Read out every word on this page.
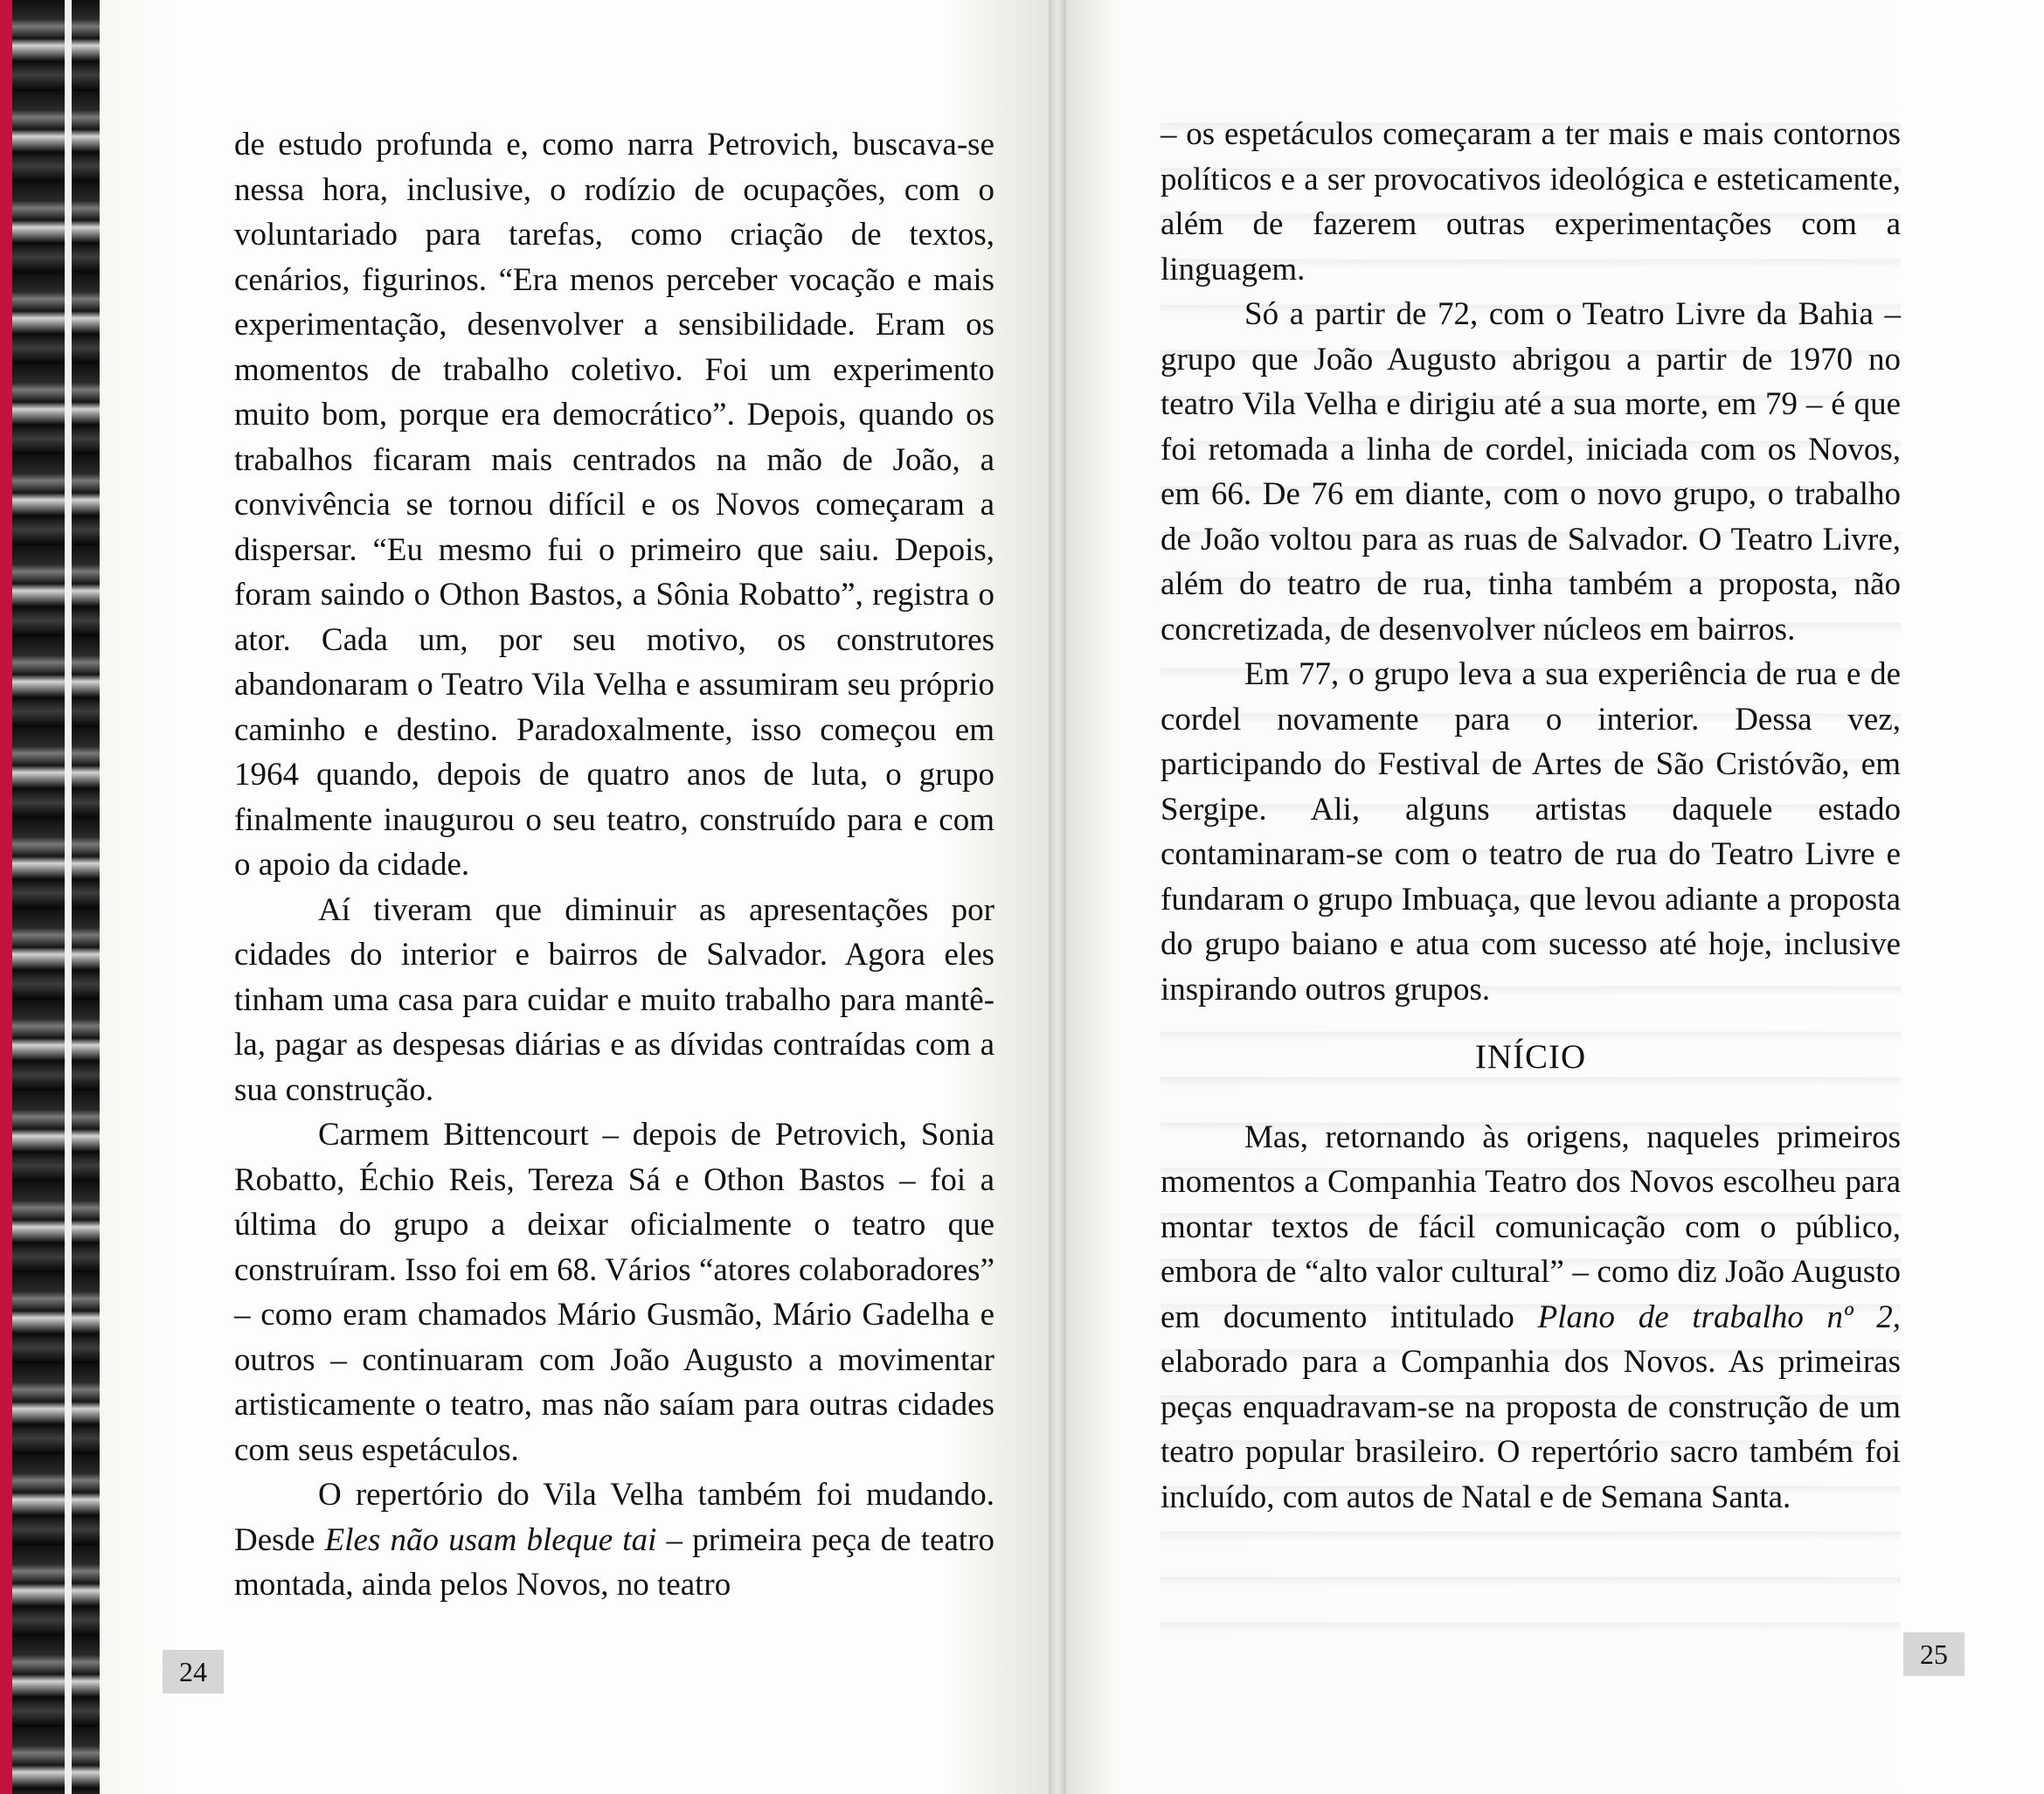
de estudo profunda e, como narra Petrovich, buscava-se nessa hora, inclusive, o rodízio de ocupações, com o voluntariado para tarefas, como criação de textos, cenários, figurinos. “Era menos perceber vocação e mais experimentação, desenvolver a sensibilidade. Eram os momentos de trabalho coletivo. Foi um experimento muito bom, porque era democrático”. Depois, quando os trabalhos ficaram mais centrados na mão de João, a convivência se tornou difícil e os Novos começaram a dispersar. “Eu mesmo fui o primeiro que saiu. Depois, foram saindo o Othon Bastos, a Sônia Robatto”, registra o ator. Cada um, por seu motivo, os construtores abandonaram o Teatro Vila Velha e assumiram seu próprio caminho e destino. Paradoxalmente, isso começou em 1964 quando, depois de quatro anos de luta, o grupo finalmente inaugurou o seu teatro, construído para e com o apoio da cidade.

Aí tiveram que diminuir as apresentações por cidades do interior e bairros de Salvador. Agora eles tinham uma casa para cuidar e muito trabalho para mantê-la, pagar as despesas diárias e as dívidas contraídas com a sua construção.

Carmem Bittencourt – depois de Petrovich, Sonia Robatto, Échio Reis, Tereza Sá e Othon Bastos – foi a última do grupo a deixar oficialmente o teatro que construíram. Isso foi em 68. Vários “atores colaboradores” – como eram chamados Mário Gusmão, Mário Gadelha e outros – continuaram com João Augusto a movimentar artisticamente o teatro, mas não saíam para outras cidades com seus espetáculos.

O repertório do Vila Velha também foi mudando. Desde Eles não usam bleque tai – primeira peça de teatro montada, ainda pelos Novos, no teatro

– os espetáculos começaram a ter mais e mais contornos políticos e a ser provocativos ideológica e esteticamente, além de fazerem outras experimentações com a linguagem.

Só a partir de 72, com o Teatro Livre da Bahia – grupo que João Augusto abrigou a partir de 1970 no teatro Vila Velha e dirigiu até a sua morte, em 79 – é que foi retomada a linha de cordel, iniciada com os Novos, em 66. De 76 em diante, com o novo grupo, o trabalho de João voltou para as ruas de Salvador. O Teatro Livre, além do teatro de rua, tinha também a proposta, não concretizada, de desenvolver núcleos em bairros.

Em 77, o grupo leva a sua experiência de rua e de cordel novamente para o interior. Dessa vez, participando do Festival de Artes de São Cristóvão, em Sergipe. Ali, alguns artistas daquele estado contaminaram-se com o teatro de rua do Teatro Livre e fundaram o grupo Imbuaça, que levou adiante a proposta do grupo baiano e atua com sucesso até hoje, inclusive inspirando outros grupos.

INÍCIO

Mas, retornando às origens, naqueles primeiros momentos a Companhia Teatro dos Novos escolheu para montar textos de fácil comunicação com o público, embora de “alto valor cultural” – como diz João Augusto em documento intitulado Plano de trabalho nº 2, elaborado para a Companhia dos Novos. As primeiras peças enquadravam-se na proposta de construção de um teatro popular brasileiro. O repertório sacro também foi incluído, com autos de Natal e de Semana Santa.

24
25
